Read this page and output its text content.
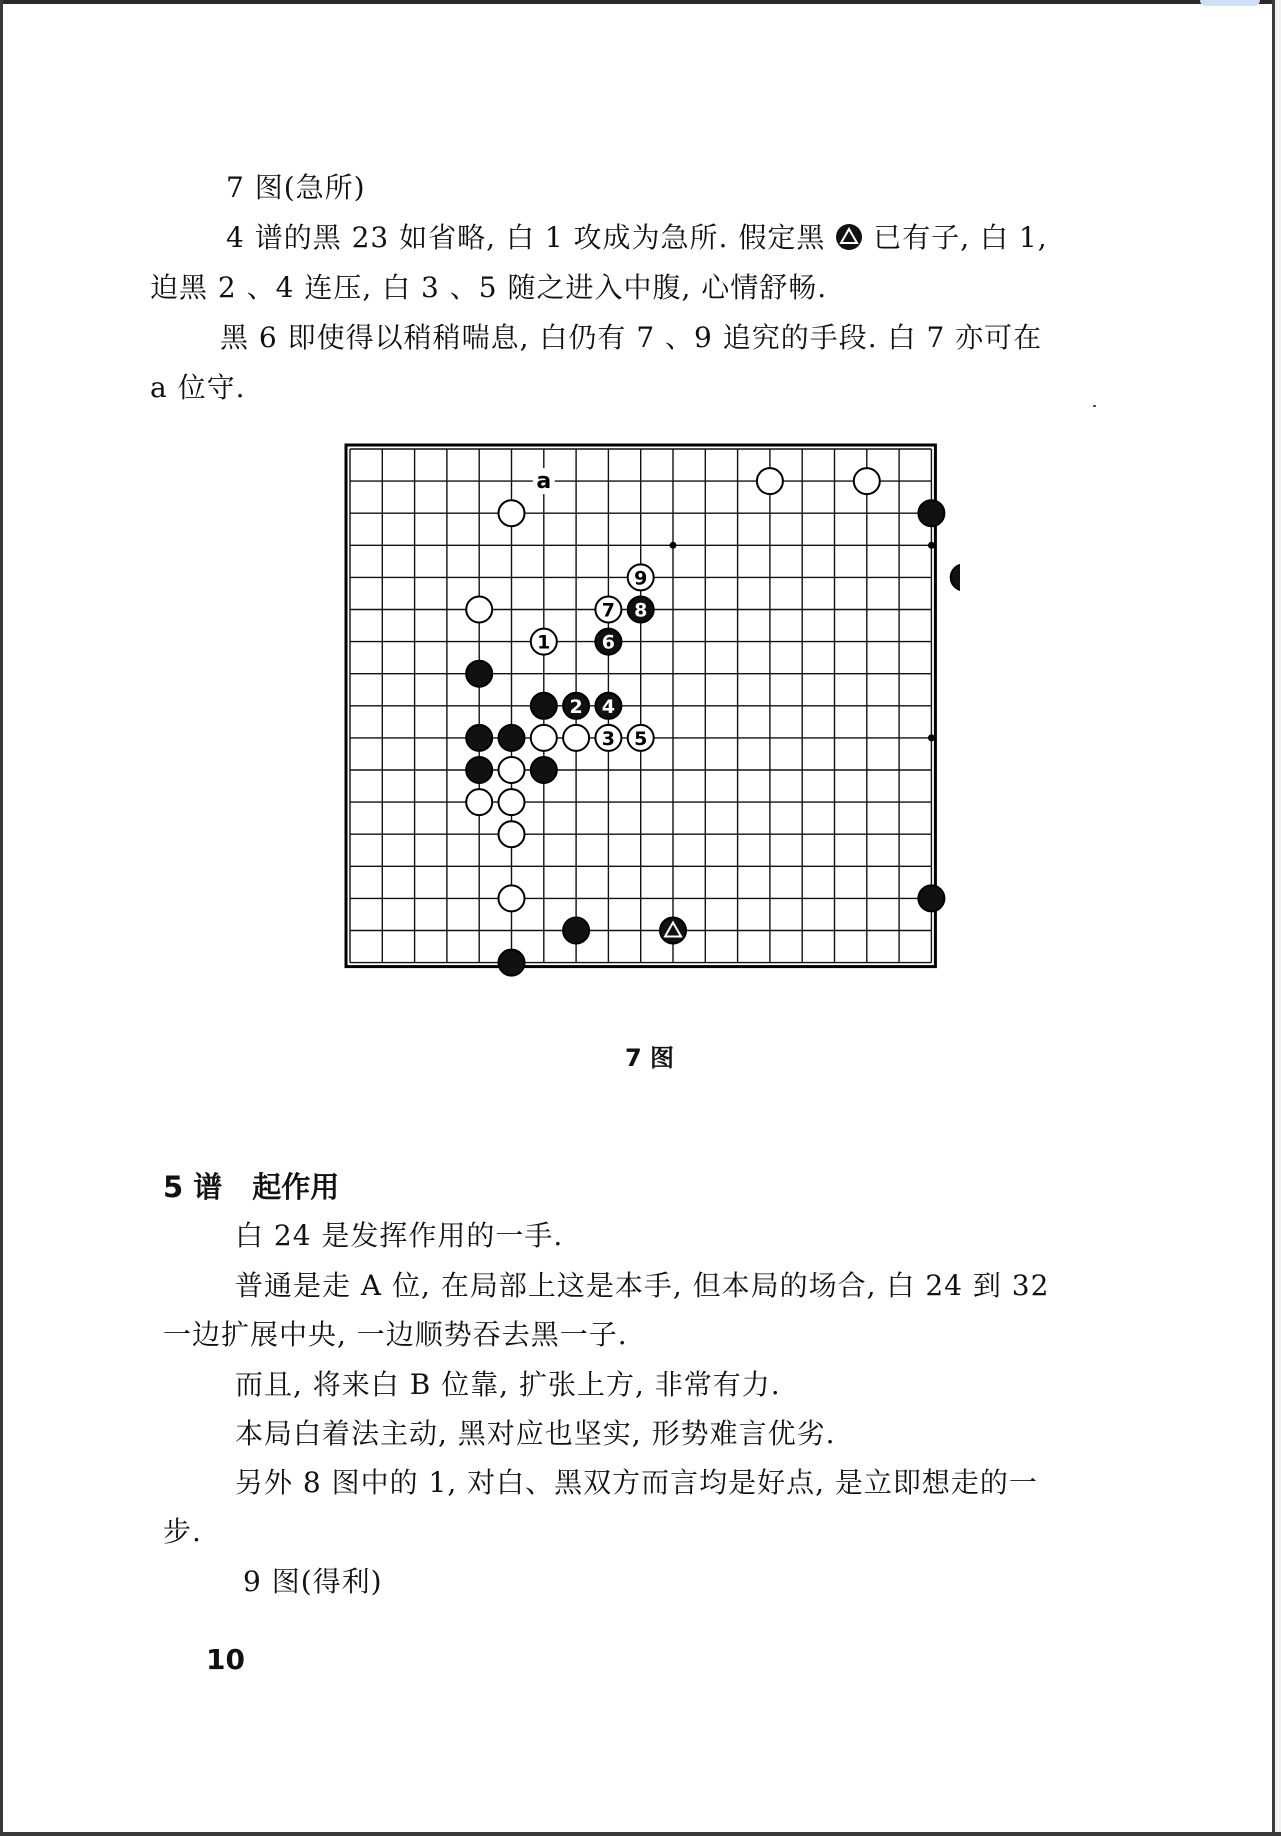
7 图(急所)
4 谱的黑 23 如省略, 白 1 攻成为急所. 假定黑 已有子, 白 1,
迫黑 2 、4 连压, 白 3 、5 随之进入中腹, 心情舒畅.
黑 6 即使得以稍稍喘息, 白仍有 7 、9 追究的手段. 白 7 亦可在
a 位守.
a
1
2
3
4
5
6
7 8
9
7 图
5 谱 起作用
白 24 是发挥作用的一手.
普通是走 A 位, 在局部上这是本手, 但本局的场合, 白 24 到 32
一边扩展中央, 一边顺势吞去黑一子.
而且, 将来白 B 位靠, 扩张上方, 非常有力.
本局白着法主动, 黑对应也坚实, 形势难言优劣.
另外 8 图中的 1, 对白、黑双方而言均是好点, 是立即想走的一
步.
9 图(得利)
10
